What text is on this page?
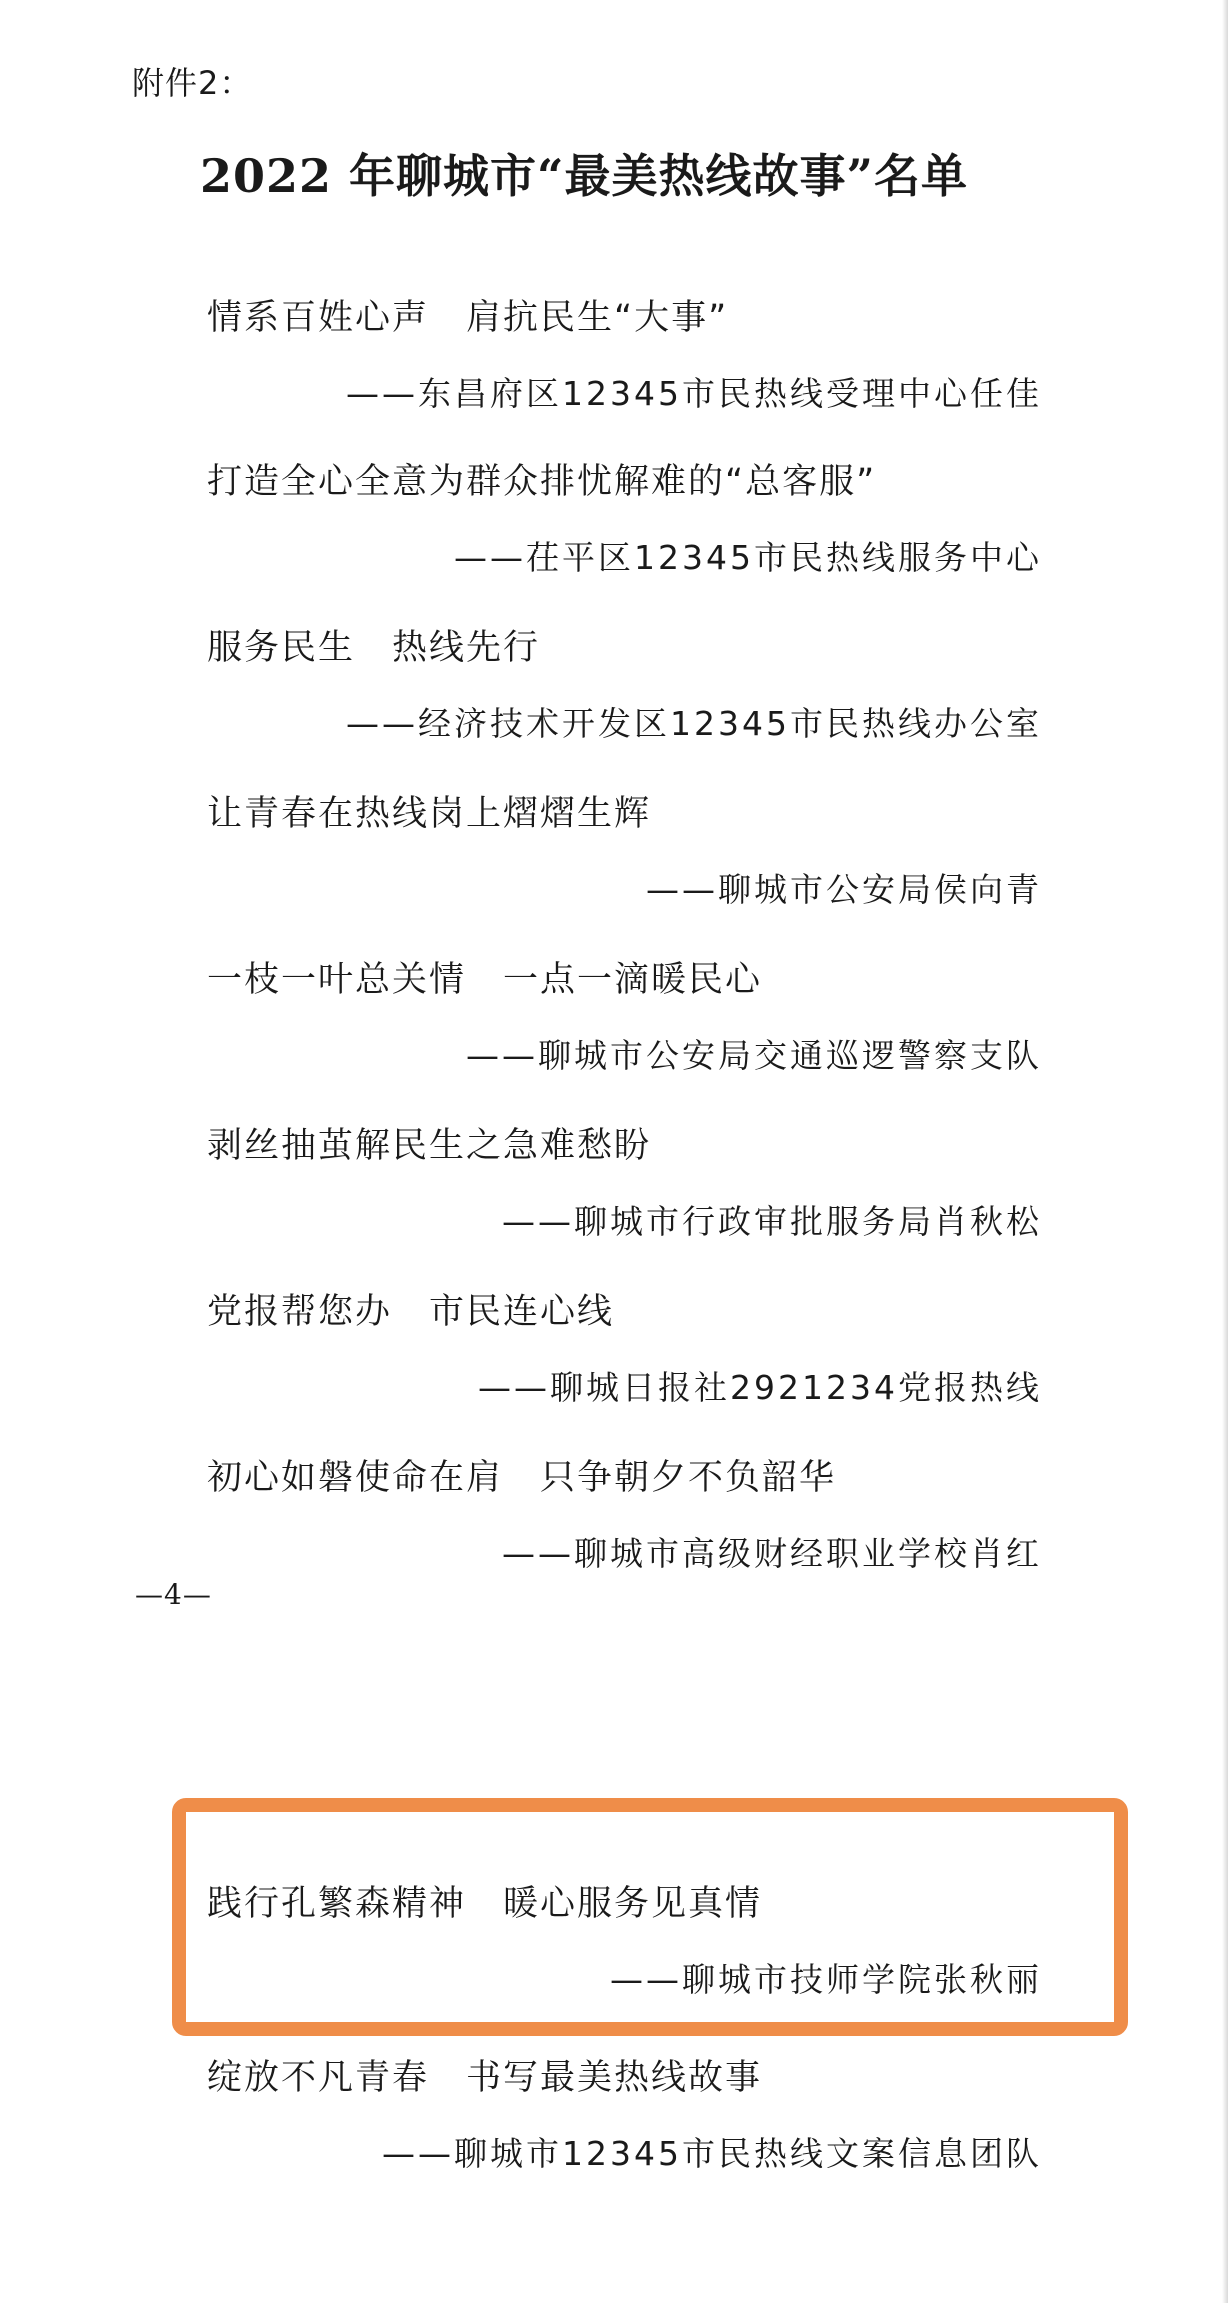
附件2：
2022 年聊城市“最美热线故事”名单
情系百姓心声　肩抗民生“大事”
——东昌府区12345市民热线受理中心任佳
打造全心全意为群众排忧解难的“总客服”
——茌平区12345市民热线服务中心
服务民生　热线先行
——经济技术开发区12345市民热线办公室
让青春在热线岗上熠熠生辉
——聊城市公安局侯向青
一枝一叶总关情　一点一滴暖民心
——聊城市公安局交通巡逻警察支队
剥丝抽茧解民生之急难愁盼
——聊城市行政审批服务局肖秋松
党报帮您办　市民连心线
——聊城日报社2921234党报热线
初心如磐使命在肩　只争朝夕不负韶华
——聊城市高级财经职业学校肖红
—4—
践行孔繁森精神　暖心服务见真情
——聊城市技师学院张秋丽
绽放不凡青春　书写最美热线故事
——聊城市12345市民热线文案信息团队
